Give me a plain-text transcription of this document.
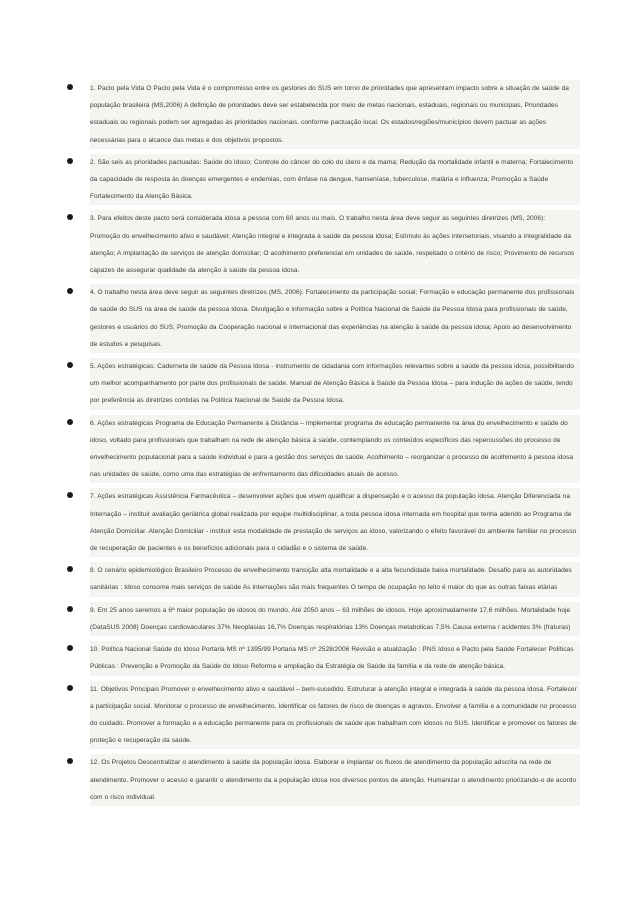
1. Pacto pela Vida O Pacto pela Vida é o compromisso entre os gestores do SUS em torno de prioridades que apresentam impacto sobre a situação de saúde da população brasileira (MS,2006) A definição de prioridades deve ser estabelecida por meio de metas nacionais, estaduais, regionais ou municipais, Prioridades estaduais ou regionais podem ser agregadas às prioridades nacionais, conforme pactuação local. Os estados/regiões/municípios devem pactuar as ações necessárias para o alcance das metas e dos objetivos propostos.
2. São seis as prioridades pactuadas: Saúde do Idoso; Controle do câncer do colo do útero e da mama; Redução da mortalidade infantil e materna; Fortalecimento da capacidade de resposta às doenças emergentes e endemias, com ênfase na dengue, hanseníase, tuberculose, malária e influenza; Promoção a Saúde Fortalecimento da Atenção Básica.
3. Para efeitos deste pacto será considerada idosa a pessoa com 60 anos ou mais. O trabalho nesta área deve seguir as seguintes diretrizes (MS, 2006): Promoção do envelhecimento ativo e saudável; Atenção integral e integrada à saúde da pessoa idosa; Estímulo às ações intersetoriais, visando a integralidade da atenção; A implantação de serviços de atenção domiciliar; O acolhimento preferencial em unidades de saúde, respeitado o critério de risco; Provimento de recursos capazes de assegurar qualidade da atenção à saúde da pessoa idosa.
4. O trabalho nesta área deve seguir as seguintes diretrizes (MS, 2006): Fortalecimento da participação social; Formação e educação permanente dos profissionais de saúde do SUS na área de saúde da pessoa idosa. Divulgação e informação sobre a Política Nacional de Saúde da Pessoa Idosa para profissionais de saúde, gestores e usuários do SUS; Promoção da Cooperação nacional e internacional das experiências na atenção à saúde da pessoa idosa; Apoio ao desenvolvimento de estudos e pesquisas.
5. Ações estratégicas: Caderneta de saúde da Pessoa Idosa - instrumento de cidadania com informações relevantes sobre a saúde da pessoa idosa, possibilitando um melhor acompanhamento por parte dos profissionais de saúde. Manual de Atenção Básica à Saúde da Pessoa Idosa – para indução de ações de saúde, tendo por preferência as diretrizes contidas na Política Nacional de Saúde da Pessoa Idosa.
6. Ações estratégicas Programa de Educação Permanente à Distância – implementar programa de educação permanente na área do envelhecimento e saúde do idoso, voltado para profissionais que trabalham na rede de atenção básica à saúde, contemplando os conteúdos específicos das repercussões do processo de envelhecimento populacional para a saúde individual e para a gestão dos serviços de saúde. Acolhimento – reorganizar o processo de acolhimento à pessoa idosa nas unidades de saúde, como uma das estratégias de enfrentamento das dificuldades atuais de acesso.
7. Ações estratégicas Assistência Farmacêutica – desenvolver ações que visem qualificar a dispensação e o acesso da população idosa. Atenção Diferenciada na Internação – instituir avaliação geriátrica global realizada por equipe multidisciplinar, a toda pessoa idosa internada em hospital que tenha aderido ao Programa de Atenção Domiciliar. Atenção Domiciliar - instituir esta modalidade de prestação de serviços ao idoso, valorizando o efeito favorável do ambiente familiar no processo de recuperação de pacientes e os benefícios adicionais para o cidadão e o sistema de saúde.
8. O cenário epidemiológico Brasileiro Processo de envelhecimento transição alta mortalidade e a alta fecundidade baixa mortalidade. Desafio para as autoridades sanitárias : Idoso consome mais serviços de saúde As internações são mais frequentes O tempo de ocupação no leito é maior do que as outras faixas etárias
9. Em 25 anos seremos a 6ª maior população de idosos do mundo. Até 2050 anos – 63 milhões de idosos. Hoje aproximadamente 17,6 milhões. Mortalidade hoje (DataSUS 2008) Doenças cardiovaculares 37% Neoplasias 16,7% Doenças respiratórias 13% Doenças metabolicas 7,5% Causa externa / acidentes 3% (fraturas)
10. Política Nacional Saúde do Idoso Portaria MS nº 1395/99 Portaria MS nº 2528/2006 Revisão e atualização : PNS Idoso e Pacto pela Saúde Fortalecer Políticas Públicas : Prevenção e Promoção da Saúde do Idoso Reforma e ampliação da Estratégia de Saúde da família e da rede de atenção básica.
11. Objetivos Principais Promover o envelhecimento ativo e saudável – bem-sucedido. Estruturar a atenção integral e integrada à saúde da pessoa idosa. Fortalecer a participação social. Monitorar o processo de envelhecimento. Identificar os fatores de risco de doenças e agravos. Envolver a família e a comunidade no processo do cuidado. Promover a formação e a educação permanente para os profissionais de saúde que trabalham com idosos no SUS. Identificar e promover os fatores de proteção e recuperação da saúde.
12. Os Projetos Descentralizar o atendimento à saúde da população idosa. Elaborar e implantar os fluxos de atendimento da população adscrita na rede de atendimento. Promover o acesso e garantir o atendimento da a população idosa nos diversos pontos de atenção. Humanizar o atendimento priorizando-o de acordo com o risco individual.
